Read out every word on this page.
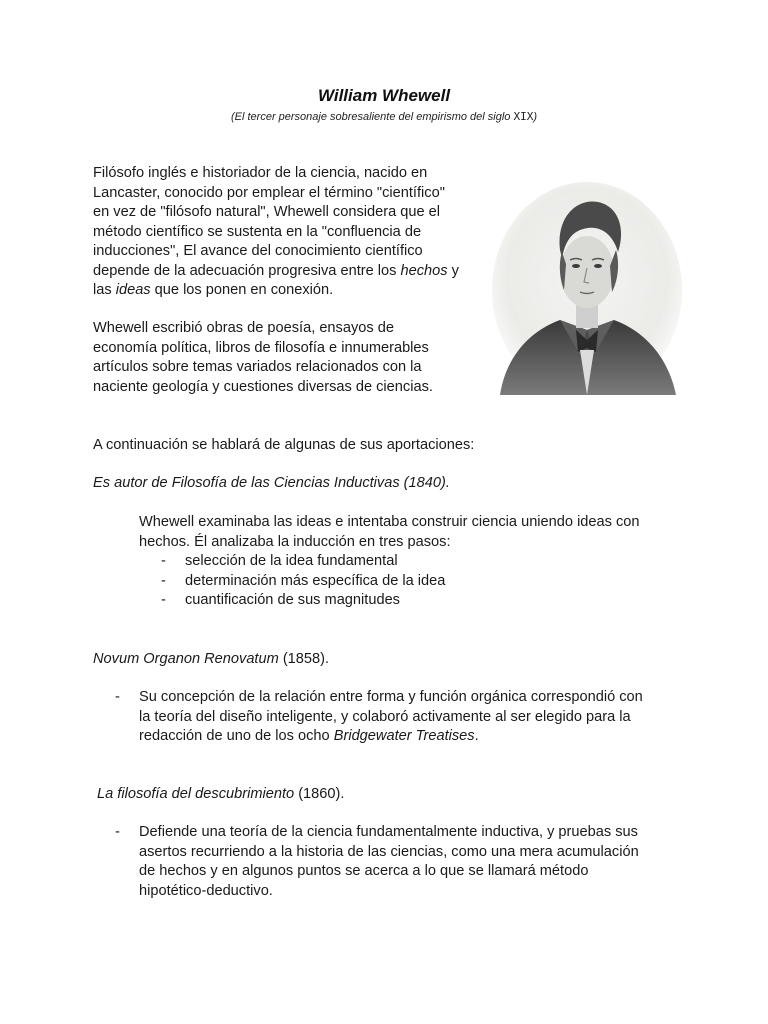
William Whewell
(El tercer personaje sobresaliente del empirismo del siglo XIX)
Filósofo inglés e historiador de la ciencia, nacido en
Lancaster, conocido por emplear el término "científico"
en vez de "filósofo natural", Whewell considera que el
método científico se sustenta en la "confluencia de
inducciones", El avance del conocimiento científico
depende de la adecuación progresiva entre los hechos y
las ideas que los ponen en conexión.
Whewell escribió obras de poesía, ensayos de
economía política, libros de filosofía e innumerables
artículos sobre temas variados relacionados con la
naciente geología y cuestiones diversas de ciencias.
A continuación se hablará de algunas de sus aportaciones:
Es autor de Filosofía de las Ciencias Inductivas (1840).
Whewell examinaba las ideas e intentaba construir ciencia uniendo ideas con
hechos. Él analizaba la inducción en tres pasos:
- selección de la idea fundamental
- determinación más específica de la idea
- cuantificación de sus magnitudes
Novum Organon Renovatum (1858).
- Su concepción de la relación entre forma y función orgánica correspondió con
la teoría del diseño inteligente, y colaboró activamente al ser elegido para la
redacción de uno de los ocho Bridgewater Treatises.
La filosofía del descubrimiento (1860).
- Defiende una teoría de la ciencia fundamentalmente inductiva, y pruebas sus
asertos recurriendo a la historia de las ciencias, como una mera acumulación
de hechos y en algunos puntos se acerca a lo que se llamará método
hipotético-deductivo.
